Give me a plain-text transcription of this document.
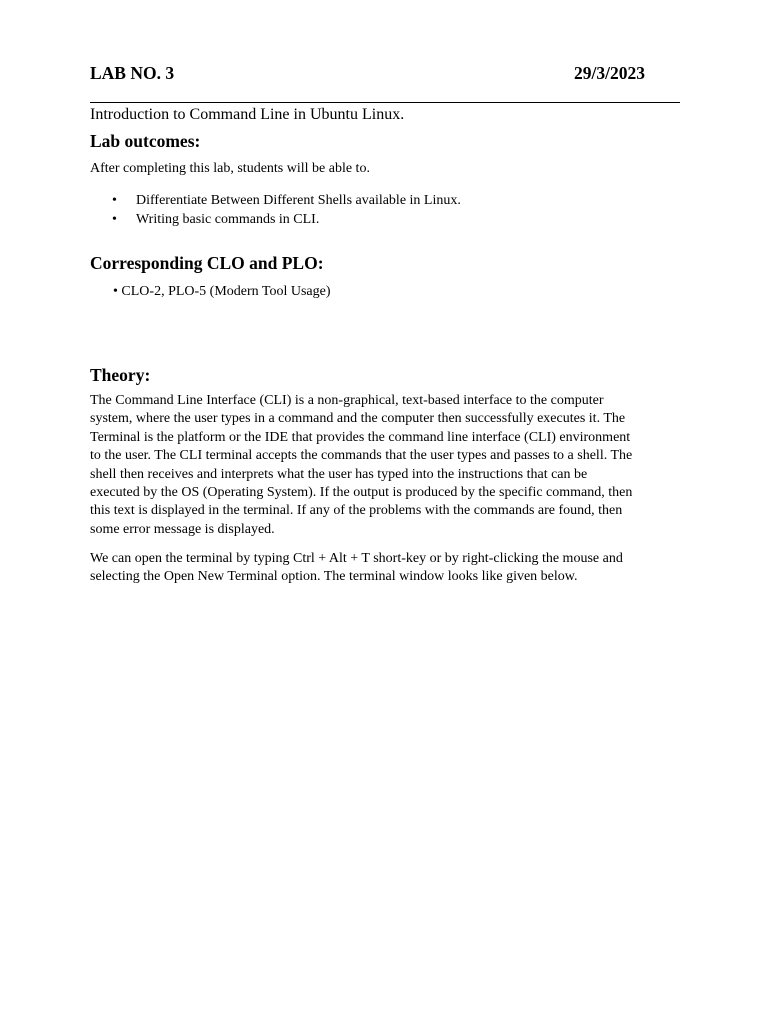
LAB NO. 3	29/3/2023
Introduction to Command Line in Ubuntu Linux.
Lab outcomes:
After completing this lab, students will be able to.
• Differentiate Between Different Shells available in Linux.
• Writing basic commands in CLI.
Corresponding CLO and PLO:
• CLO-2, PLO-5 (Modern Tool Usage)
Theory:
The Command Line Interface (CLI) is a non-graphical, text-based interface to the computer
system, where the user types in a command and the computer then successfully executes it. The
Terminal is the platform or the IDE that provides the command line interface (CLI) environment
to the user. The CLI terminal accepts the commands that the user types and passes to a shell. The
shell then receives and interprets what the user has typed into the instructions that can be
executed by the OS (Operating System). If the output is produced by the specific command, then
this text is displayed in the terminal. If any of the problems with the commands are found, then
some error message is displayed.
We can open the terminal by typing Ctrl + Alt + T short-key or by right-clicking the mouse and
selecting the Open New Terminal option. The terminal window looks like given below.
